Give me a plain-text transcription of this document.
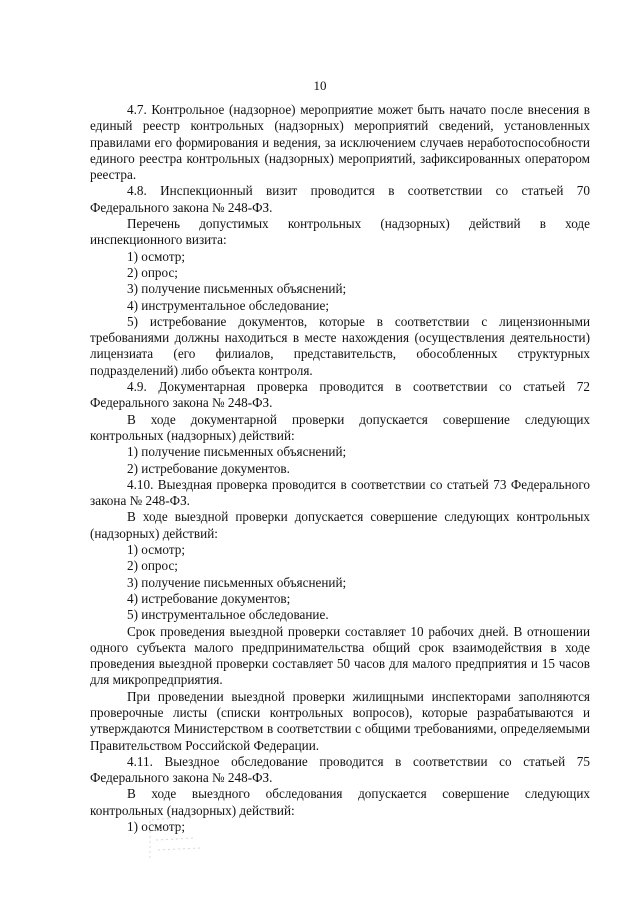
10

4.7. Контрольное (надзорное) мероприятие может быть начато после внесения в единый реестр контрольных (надзорных) мероприятий сведений, установленных правилами его формирования и ведения, за исключением случаев неработоспособности единого реестра контрольных (надзорных) мероприятий, зафиксированных оператором реестра.

4.8. Инспекционный визит проводится в соответствии со статьей 70 Федерального закона № 248-ФЗ.

Перечень допустимых контрольных (надзорных) действий в ходе инспекционного визита:

1) осмотр;

2) опрос;

3) получение письменных объяснений;

4) инструментальное обследование;

5) истребование документов, которые в соответствии с лицензионными требованиями должны находиться в месте нахождения (осуществления деятельности) лицензиата (его филиалов, представительств, обособленных структурных подразделений) либо объекта контроля.

4.9. Документарная проверка проводится в соответствии со статьей 72 Федерального закона № 248-ФЗ.

В ходе документарной проверки допускается совершение следующих контрольных (надзорных) действий:

1) получение письменных объяснений;

2) истребование документов.

4.10. Выездная проверка проводится в соответствии со статьей 73 Федерального закона № 248-ФЗ.

В ходе выездной проверки допускается совершение следующих контрольных (надзорных) действий:

1) осмотр;

2) опрос;

3) получение письменных объяснений;

4) истребование документов;

5) инструментальное обследование.

Срок проведения выездной проверки составляет 10 рабочих дней. В отношении одного субъекта малого предпринимательства общий срок взаимодействия в ходе проведения выездной проверки составляет 50 часов для малого предприятия и 15 часов для микропредприятия.

При проведении выездной проверки жилищными инспекторами заполняются проверочные листы (списки контрольных вопросов), которые разрабатываются и утверждаются Министерством в соответствии с общими требованиями, определяемыми Правительством Российской Федерации.

4.11. Выездное обследование проводится в соответствии со статьей 75 Федерального закона № 248-ФЗ.

В ходе выездного обследования допускается совершение следующих контрольных (надзорных) действий:

1) осмотр;
